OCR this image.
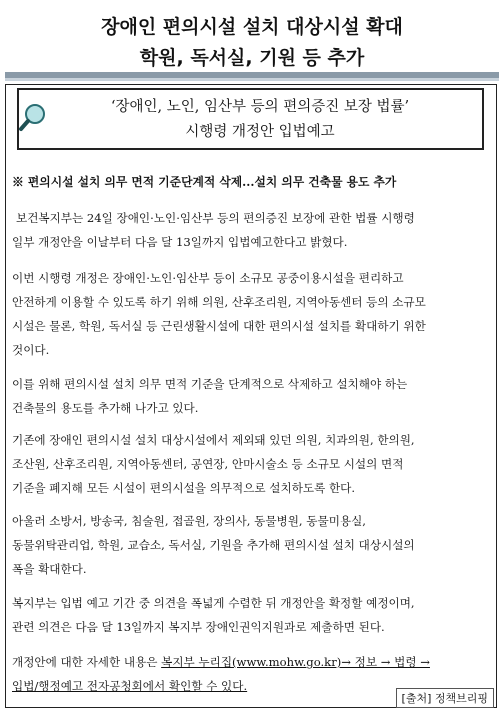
장애인 편의시설 설치 대상시설 확대
학원, 독서실, 기원 등 추가
‘장애인, 노인, 임산부 등의 편의증진 보장 법률’
시행령 개정안 입법예고
※ 편의시설 설치 의무 면적 기준단계적 삭제...설치 의무 건축물 용도 추가
보건복지부는 24일 장애인·노인·임산부 등의 편의증진 보장에 관한 법률 시행령
일부 개정안을 이날부터 다음 달 13일까지 입법예고한다고 밝혔다.
이번 시행령 개정은 장애인·노인·임산부 등이 소규모 공중이용시설을 편리하고
안전하게 이용할 수 있도록 하기 위해 의원, 산후조리원, 지역아동센터 등의 소규모
시설은 물론, 학원, 독서실 등 근린생활시설에 대한 편의시설 설치를 확대하기 위한
것이다.
이를 위해 편의시설 설치 의무 면적 기준을 단계적으로 삭제하고 설치해야 하는
건축물의 용도를 추가해 나가고 있다.
기존에 장애인 편의시설 설치 대상시설에서 제외돼 있던 의원, 치과의원, 한의원,
조산원, 산후조리원, 지역아동센터, 공연장, 안마시술소 등 소규모 시설의 면적
기준을 폐지해 모든 시설이 편의시설을 의무적으로 설치하도록 한다.
아울러 소방서, 방송국, 침술원, 접골원, 장의사, 동물병원, 동물미용실,
동물위탁관리업, 학원, 교습소, 독서실, 기원을 추가해 편의시설 설치 대상시설의
폭을 확대한다.
복지부는 입법 예고 기간 중 의견을 폭넓게 수렴한 뒤 개정안을 확정할 예정이며,
관련 의견은 다음 달 13일까지 복지부 장애인권익지원과로 제출하면 된다.
개정안에 대한 자세한 내용은 복지부 누리집(www.mohw.go.kr)→ 정보 → 법령 →
입법/행정예고 전자공청회에서 확인할 수 있다.
[출처] 정책브리핑
